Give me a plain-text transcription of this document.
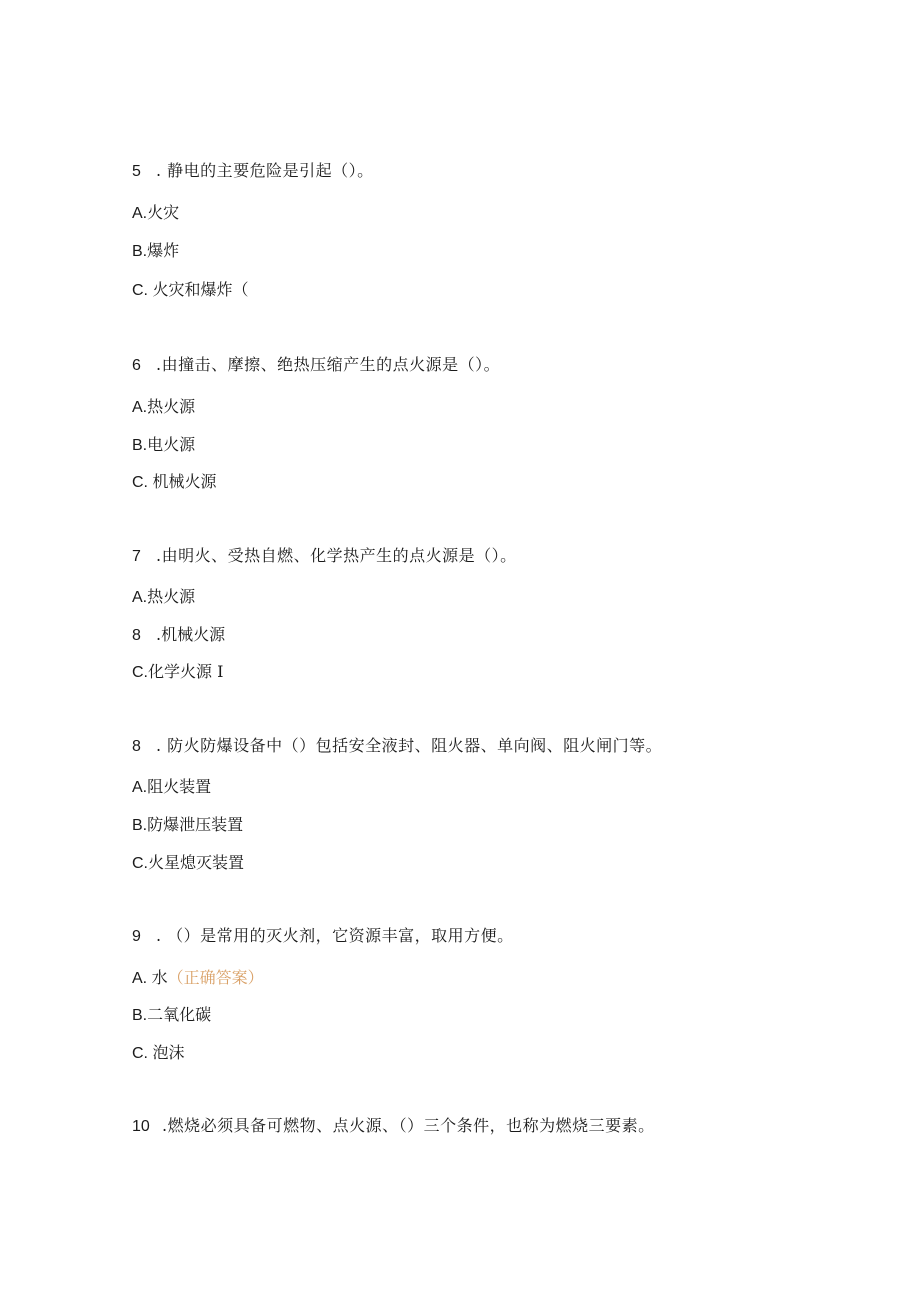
5 . 静电的主要危险是引起（）。
A.火灾
B.爆炸
C. 火灾和爆炸（
6 .由撞击、摩擦、绝热压缩产生的点火源是（）。
A.热火源
B.电火源
C. 机械火源
7 .由明火、受热自燃、化学热产生的点火源是（）。
A.热火源
8.机械火源
C.化学火源 I
8 . 防火防爆设备中（）包括安全液封、阻火器、单向阀、阻火闸门等。
A.阻火装置
B.防爆泄压装置
C.火星熄灭装置
9 . （）是常用的灭火剂，它资源丰富，取用方便。
A. 水（正确答案）
B.二氧化碳
C. 泡沫
10 .燃烧必须具备可燃物、点火源、（）三个条件，也称为燃烧三要素。
